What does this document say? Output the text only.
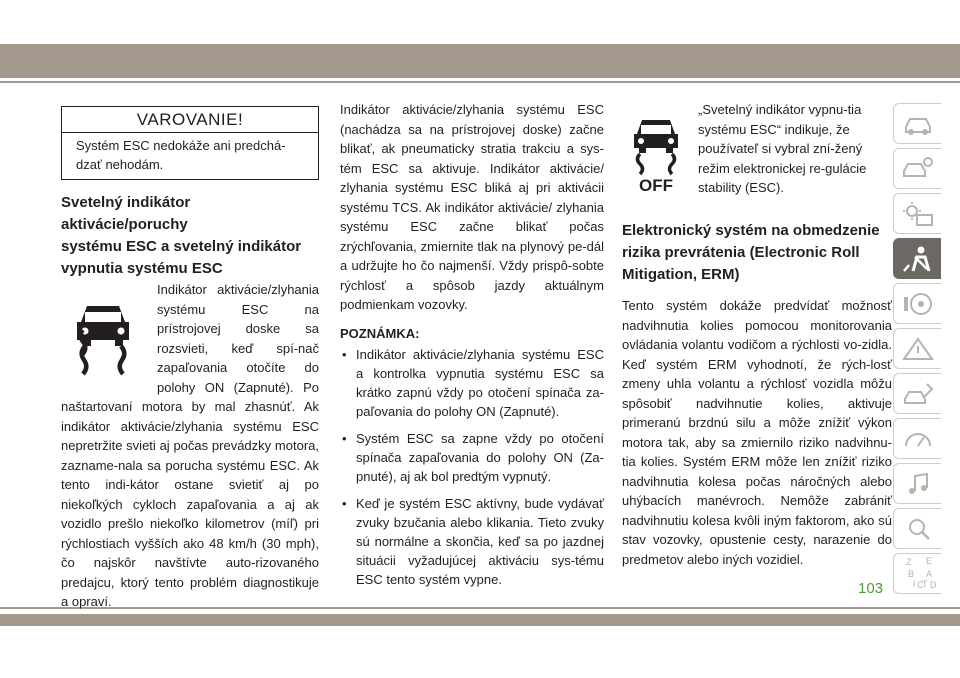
VAROVANIE!
Systém ESC nedokáže ani predchá-dzať nehodám.
Svetelný indikátor aktivácie/poruchy
systému ESC a svetelný indikátor
vypnutia systému ESC

Indikátor aktivácie/zlyhania systému ESC na prístrojovej doske sa rozsvieti, keď spí-nač zapaľovania otočíte do polohy ON (Zapnuté). Po naštartovaní motora by mal zhasnúť. Ak indikátor aktivácie/zlyhania systému ESC nepretržite svieti aj počas prevádzky motora, zazname-nala sa porucha systému ESC. Ak tento indi-kátor ostane svietiť aj po niekoľkých cykloch zapaľovania a aj ak vozidlo prešlo niekoľko kilometrov (míľ) pri rýchlostiach vyšších ako 48 km/h (30 mph), čo najskôr navštívte auto-rizovaného predajcu, ktorý tento problém diagnostikuje a opraví.

Indikátor aktivácie/zlyhania systému ESC (nachádza sa na prístrojovej doske) začne blikať, ak pneumaticky stratia trakciu a sys-tém ESC sa aktivuje. Indikátor aktivácie/ zlyhania systému ESC bliká aj pri aktivácii systému TCS. Ak indikátor aktivácie/ zlyhania systému ESC začne blikať počas zrýchľovania, zmiernite tlak na plynový pe-dál a udržujte ho čo najmenší. Vždy prispô-sobte rýchlosť a spôsob jazdy aktuálnym podmienkam vozovky.

POZNÁMKA:
• Indikátor aktivácie/zlyhania systému ESC a kontrolka vypnutia systému ESC sa krátko zapnú vždy po otočení spínača za-paľovania do polohy ON (Zapnuté).
• Systém ESC sa zapne vždy po otočení spínača zapaľovania do polohy ON (Za-pnuté), aj ak bol predtým vypnutý.
• Keď je systém ESC aktívny, bude vydávať zvuky bzučania alebo klikania. Tieto zvuky sú normálne a skončia, keď sa po jazdnej situácii vyžadujúcej aktiváciu sys-tému ESC tento systém vypne.
OFF

„Svetelný indikátor vypnu-tia systému ESC“ indikuje, že používateľ si vybral zní-žený režim elektronickej re-gulácie stability (ESC).

Elektronický systém na obmedzenie
rizika prevrátenia (Electronic Roll
Mitigation, ERM)

Tento systém dokáže predvídať možnosť nadvihnutia kolies pomocou monitorovania ovládania volantu vodičom a rýchlosti vo-zidla. Keď systém ERM vyhodnotí, že rých-losť zmeny uhla volantu a rýchlosť vozidla môžu spôsobiť nadvihnutie kolies, aktivuje primeranú brzdnú silu a môže znížiť výkon motora tak, aby sa zmiernilo riziko nadvihnu-tia kolies. Systém ERM môže len znížiť riziko nadvihnutia kolesa počas náročných alebo uhýbacích manévroch. Nemôže zabrániť nadvihnutiu kolesa kvôli iným faktorom, ako sú stav vozovky, opustenie cesty, narazenie do predmetov alebo iných vozidiel.	Z E
B A
I C
T D
103
